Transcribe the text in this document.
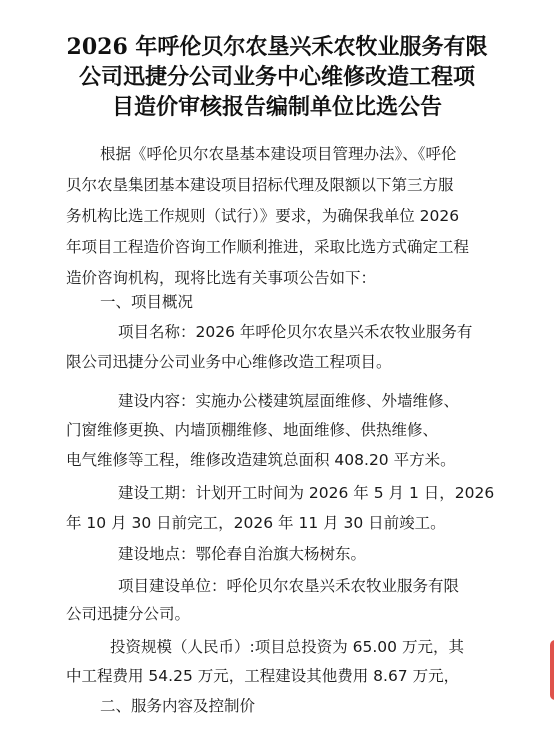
2026 年呼伦贝尔农垦兴禾农牧业服务有限
公司迅捷分公司业务中心维修改造工程项
目造价审核报告编制单位比选公告
根据《呼伦贝尔农垦基本建设项目管理办法》、《呼伦
贝尔农垦集团基本建设项目招标代理及限额以下第三方服
务机构比选工作规则（试行）》要求，为确保我单位 2026
年项目工程造价咨询工作顺利推进，采取比选方式确定工程
造价咨询机构，现将比选有关事项公告如下：
一、项目概况
项目名称：2026 年呼伦贝尔农垦兴禾农牧业服务有
限公司迅捷分公司业务中心维修改造工程项目。
建设内容：实施办公楼建筑屋面维修、外墙维修、
门窗维修更换、内墙顶棚维修、地面维修、供热维修、
电气维修等工程，维修改造建筑总面积 408.20 平方米。
建设工期：计划开工时间为 2026 年 5 月 1 日，2026
年 10 月 30 日前完工，2026 年 11 月 30 日前竣工。
建设地点：鄂伦春自治旗大杨树东。
项目建设单位：呼伦贝尔农垦兴禾农牧业服务有限
公司迅捷分公司。
投资规模（人民币）:项目总投资为 65.00 万元，其
中工程费用 54.25 万元，工程建设其他费用 8.67 万元，
二、服务内容及控制价
